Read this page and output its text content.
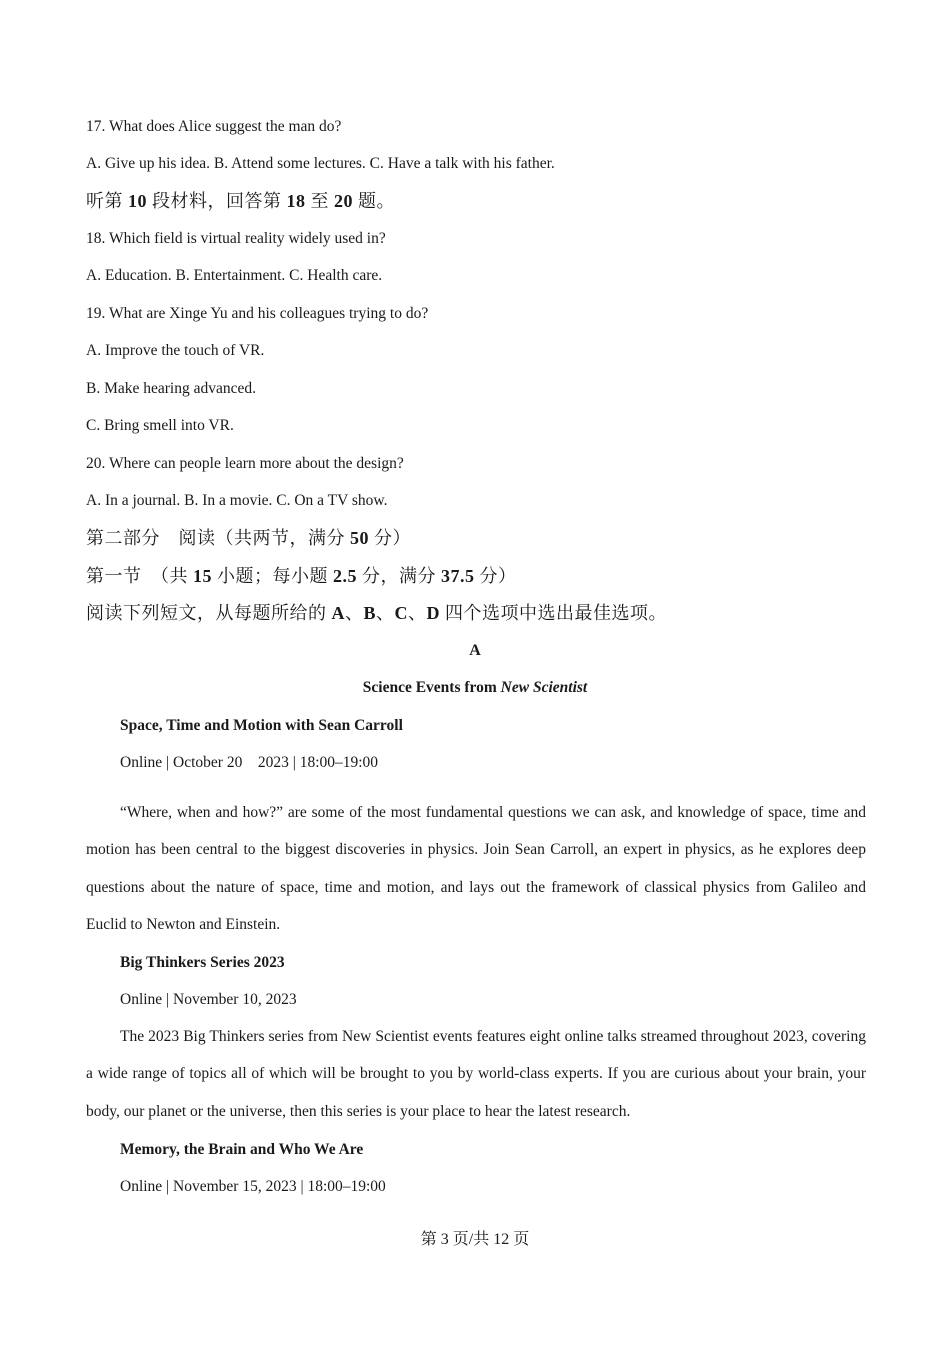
17. What does Alice suggest the man do?
A. Give up his idea. B. Attend some lectures. C. Have a talk with his father.
听第 10 段材料，回答第 18 至 20 题。
18. Which field is virtual reality widely used in?
A. Education. B. Entertainment. C. Health care.
19. What are Xinge Yu and his colleagues trying to do?
A. Improve the touch of VR.
B. Make hearing advanced.
C. Bring smell into VR.
20. Where can people learn more about the design?
A. In a journal. B. In a movie. C. On a TV show.
第二部分　阅读（共两节，满分 50 分）
第一节　（共 15 小题；每小题 2.5 分，满分 37.5 分）
阅读下列短文，从每题所给的 A、B、C、D 四个选项中选出最佳选项。
A
Science Events from New Scientist
Space, Time and Motion with Sean Carroll
Online | October 20　2023 | 18:00–19:00
“Where, when and how?” are some of the most fundamental questions we can ask, and knowledge of space, time and motion has been central to the biggest discoveries in physics. Join Sean Carroll, an expert in physics, as he explores deep questions about the nature of space, time and motion, and lays out the framework of classical physics from Galileo and Euclid to Newton and Einstein.
Big Thinkers Series 2023
Online | November 10, 2023
The 2023 Big Thinkers series from New Scientist events features eight online talks streamed throughout 2023, covering a wide range of topics all of which will be brought to you by world-class experts. If you are curious about your brain, your body, our planet or the universe, then this series is your place to hear the latest research.
Memory, the Brain and Who We Are
Online | November 15, 2023 | 18:00–19:00
第 3 页/共 12 页
